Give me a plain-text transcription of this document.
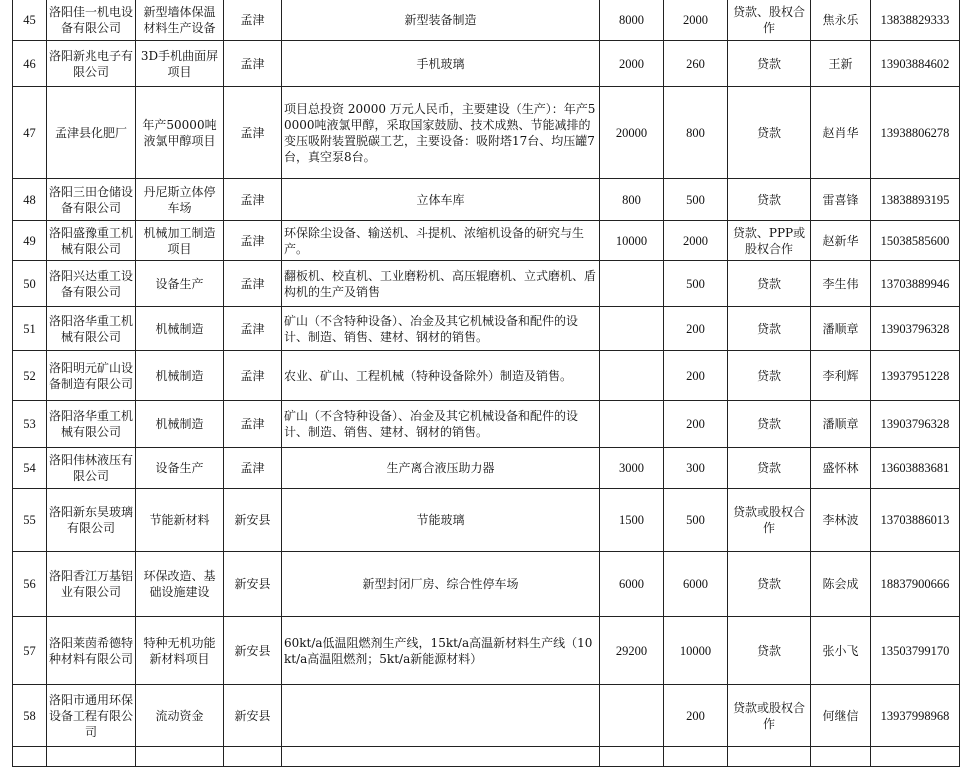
45	洛阳佳一机电设备有限公司	新型墙体保温材料生产设备	孟津	新型装备制造	8000	2000	贷款、股权合作	焦永乐	13838829333
46	洛阳新兆电子有限公司	3D手机曲面屏项目	孟津	手机玻璃	2000	260	贷款	王新	13903884602
47	孟津县化肥厂	年产50000吨液氯甲醇项目	孟津	项目总投资 20000 万元人民币，主要建设（生产）：年产50000吨液氯甲醇，采取国家鼓励、技术成熟、节能减排的变压吸附装置脱碳工艺，主要设备：吸附塔17台、均压罐7台，真空泵8台。	20000	800	贷款	赵肖华	13938806278
48	洛阳三田仓储设备有限公司	丹尼斯立体停车场	孟津	立体车库	800	500	贷款	雷喜锋	13838893195
49	洛阳盛豫重工机械有限公司	机械加工制造项目	孟津	环保除尘设备、输送机、斗提机、浓缩机设备的研究与生产。	10000	2000	贷款、PPP或股权合作	赵新华	15038585600
50	洛阳兴达重工设备有限公司	设备生产	孟津	翻板机、校直机、工业磨粉机、高压辊磨机、立式磨机、盾构机的生产及销售		500	贷款	李生伟	13703889946
51	洛阳洛华重工机械有限公司	机械制造	孟津	矿山（不含特种设备）、冶金及其它机械设备和配件的设计、制造、销售、建材、钢材的销售。		200	贷款	潘顺章	13903796328
52	洛阳明元矿山设备制造有限公司	机械制造	孟津	农业、矿山、工程机械（特种设备除外）制造及销售。		200	贷款	李利辉	13937951228
53	洛阳洛华重工机械有限公司	机械制造	孟津	矿山（不含特种设备）、冶金及其它机械设备和配件的设计、制造、销售、建材、钢材的销售。		200	贷款	潘顺章	13903796328
54	洛阳伟林液压有限公司	设备生产	孟津	生产离合液压助力器	3000	300	贷款	盛怀林	13603883681
55	洛阳新东昊玻璃有限公司	节能新材料	新安县	节能玻璃	1500	500	贷款或股权合作	李林波	13703886013
56	洛阳香江万基铝业有限公司	环保改造、基础设施建设	新安县	新型封闭厂房、综合性停车场	6000	6000	贷款	陈会成	18837900666
57	洛阳莱茵希德特种材料有限公司	特种无机功能新材料项目	新安县	60kt/a低温阻燃剂生产线，15kt/a高温新材料生产线（10kt/a高温阻燃剂；5kt/a新能源材料）	29200	10000	贷款	张小飞	13503799170
58	洛阳市通用环保设备工程有限公司	流动资金	新安县			200	贷款或股权合作	何继信	13937998968
